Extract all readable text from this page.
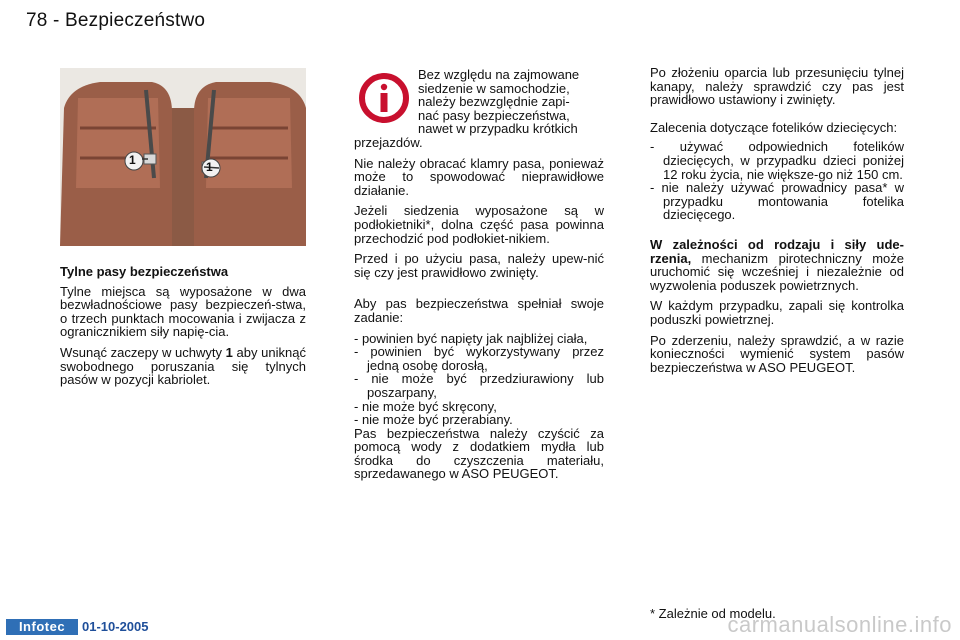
78 - Bezpieczeństwo
1	1

Tylne pasy bezpieczeństwa

Tylne miejsca są wyposażone w dwa bezwładnościowe pasy bezpieczeń-stwa, o trzech punktach mocowania i zwijacza z ogranicznikiem siły napię-cia.

Wsunąć zaczepy w uchwyty 1 aby uniknąć swobodnego poruszania się tylnych pasów w pozycji kabriolet.

Bez względu na zajmowane
siedzenie w samochodzie,
należy bezwzględnie zapi-
nać pasy bezpieczeństwa,
nawet w przypadku krótkich

przejazdów.

Nie należy obracać klamry pasa, ponieważ może to spowodować nieprawidłowe działanie.

Jeżeli siedzenia wyposażone są w podłokietniki*, dolna część pasa powinna przechodzić pod podłokiet-nikiem.

Przed i po użyciu pasa, należy upew-nić się czy jest prawidłowo zwinięty.

Aby pas bezpieczeństwa spełniał swoje zadanie:

- powinien być napięty jak najbliżej ciała,

- powinien być wykorzystywany przez jedną osobę dorosłą,

- nie może być przedziurawiony lub poszarpany,

- nie może być skręcony,

- nie może być przerabiany.

Pas bezpieczeństwa należy czyścić za pomocą wody z dodatkiem mydła lub środka do czyszczenia materiału, sprzedawanego w ASO PEUGEOT.

Po złożeniu oparcia lub przesunięciu tylnej kanapy, należy sprawdzić czy pas jest prawidłowo ustawiony i zwinięty.

Zalecenia dotyczące fotelików dziecięcych:

- używać odpowiednich fotelików dziecięcych, w przypadku dzieci poniżej 12 roku życia, nie większe-go niż 150 cm.

- nie należy używać prowadnicy pasa* w przypadku montowania fotelika dziecięcego.

W zależności od rodzaju i siły ude-rzenia, mechanizm pirotechniczny może uruchomić się wcześniej i niezależnie od wyzwolenia poduszek powietrznych.

W każdym przypadku, zapali się kontrolka poduszki powietrznej.

Po zderzeniu, należy sprawdzić, a w razie konieczności wymienić system pasów bezpieczeństwa w ASO PEUGEOT.

* Zależnie od modelu.
Infotec	01-10-2005	carmanualsonline.info
